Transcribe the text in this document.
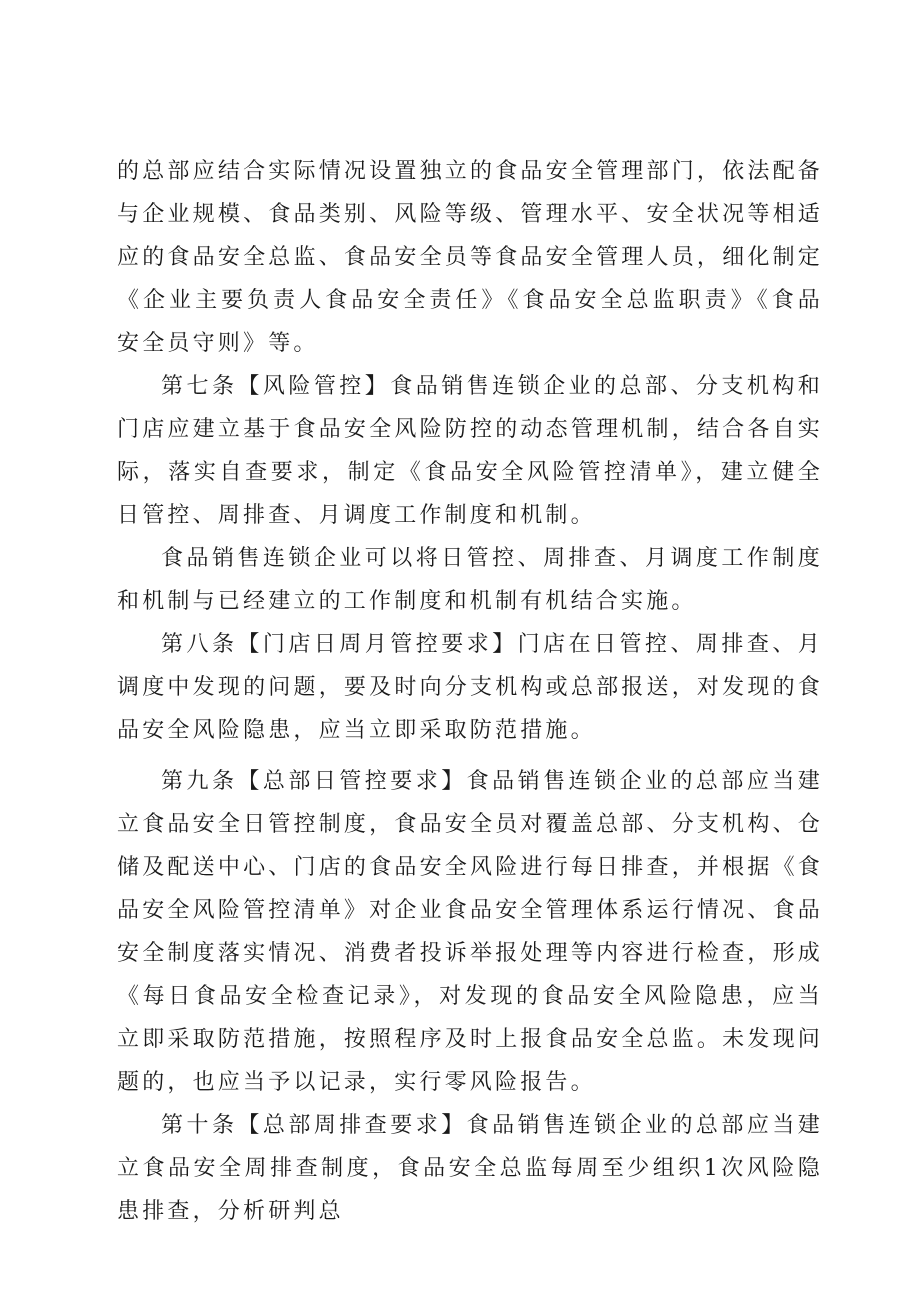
的总部应结合实际情况设置独立的食品安全管理部门，依法配备与企业规模、食品类别、风险等级、管理水平、安全状况等相适应的食品安全总监、食品安全员等食品安全管理人员，细化制定《企业主要负责人食品安全责任》《食品安全总监职责》《食品安全员守则》等。

第七条【风险管控】食品销售连锁企业的总部、分支机构和门店应建立基于食品安全风险防控的动态管理机制，结合各自实际，落实自查要求，制定《食品安全风险管控清单》，建立健全日管控、周排查、月调度工作制度和机制。

食品销售连锁企业可以将日管控、周排查、月调度工作制度和机制与已经建立的工作制度和机制有机结合实施。

第八条【门店日周月管控要求】门店在日管控、周排查、月调度中发现的问题，要及时向分支机构或总部报送，对发现的食品安全风险隐患，应当立即采取防范措施。

第九条【总部日管控要求】食品销售连锁企业的总部应当建立食品安全日管控制度，食品安全员对覆盖总部、分支机构、仓储及配送中心、门店的食品安全风险进行每日排查，并根据《食品安全风险管控清单》对企业食品安全管理体系运行情况、食品安全制度落实情况、消费者投诉举报处理等内容进行检查，形成《每日食品安全检查记录》，对发现的食品安全风险隐患，应当立即采取防范措施，按照程序及时上报食品安全总监。未发现问题的，也应当予以记录，实行零风险报告。

第十条【总部周排查要求】食品销售连锁企业的总部应当建立食品安全周排查制度，食品安全总监每周至少组织1次风险隐患排查，分析研判总
